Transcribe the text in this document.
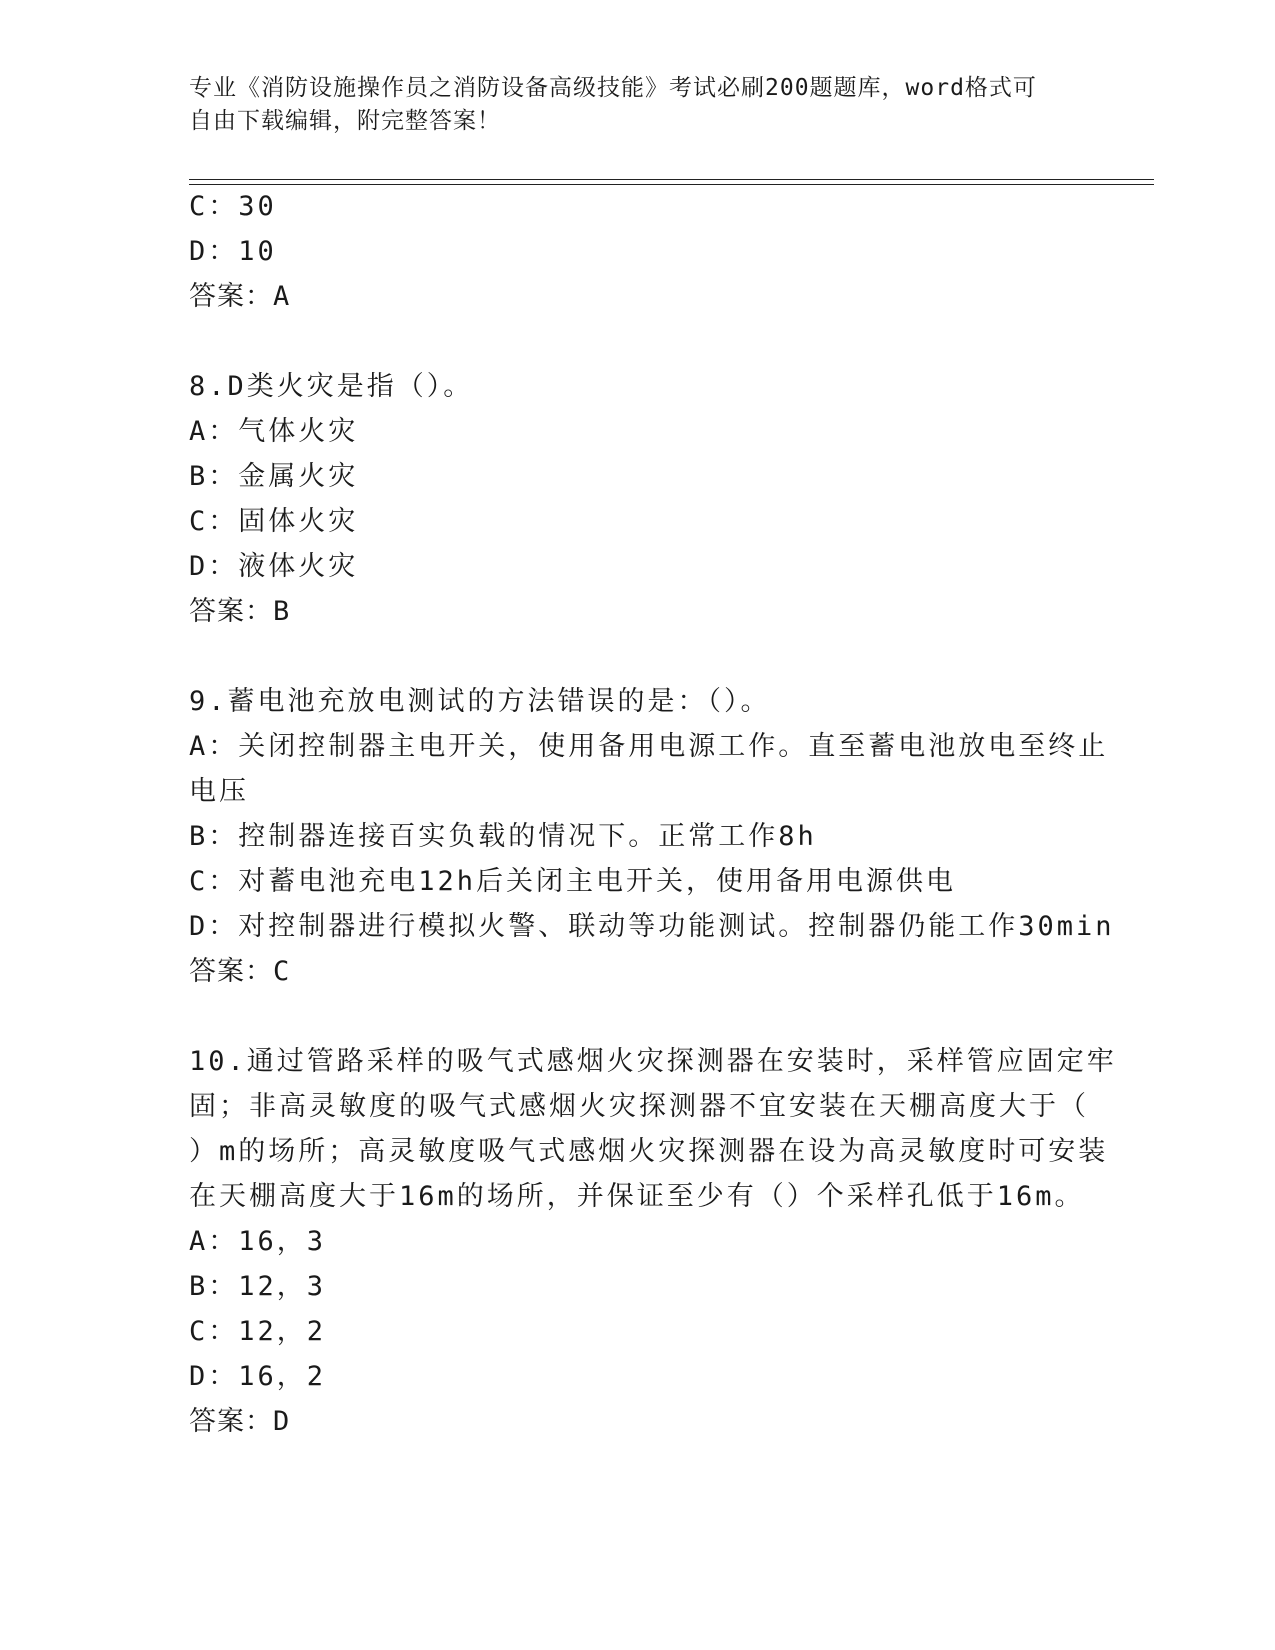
专业《消防设施操作员之消防设备高级技能》考试必刷200题题库，word格式可
自由下载编辑，附完整答案！
C：30
D：10
答案：A
8.D类火灾是指（）。
A：气体火灾
B：金属火灾
C：固体火灾
D：液体火灾
答案：B
9.蓄电池充放电测试的方法错误的是：（）。
A：关闭控制器主电开关，使用备用电源工作。直至蓄电池放电至终止
电压
B：控制器连接百实负载的情况下。正常工作8h
C：对蓄电池充电12h后关闭主电开关，使用备用电源供电
D：对控制器进行模拟火警、联动等功能测试。控制器仍能工作30min
答案：C
10.通过管路采样的吸气式感烟火灾探测器在安装时，采样管应固定牢
固；非高灵敏度的吸气式感烟火灾探测器不宜安装在天棚高度大于（
）m的场所；高灵敏度吸气式感烟火灾探测器在设为高灵敏度时可安装
在天棚高度大于16m的场所，并保证至少有（）个采样孔低于16m。
A：16，3
B：12，3
C：12，2
D：16，2
答案：D
